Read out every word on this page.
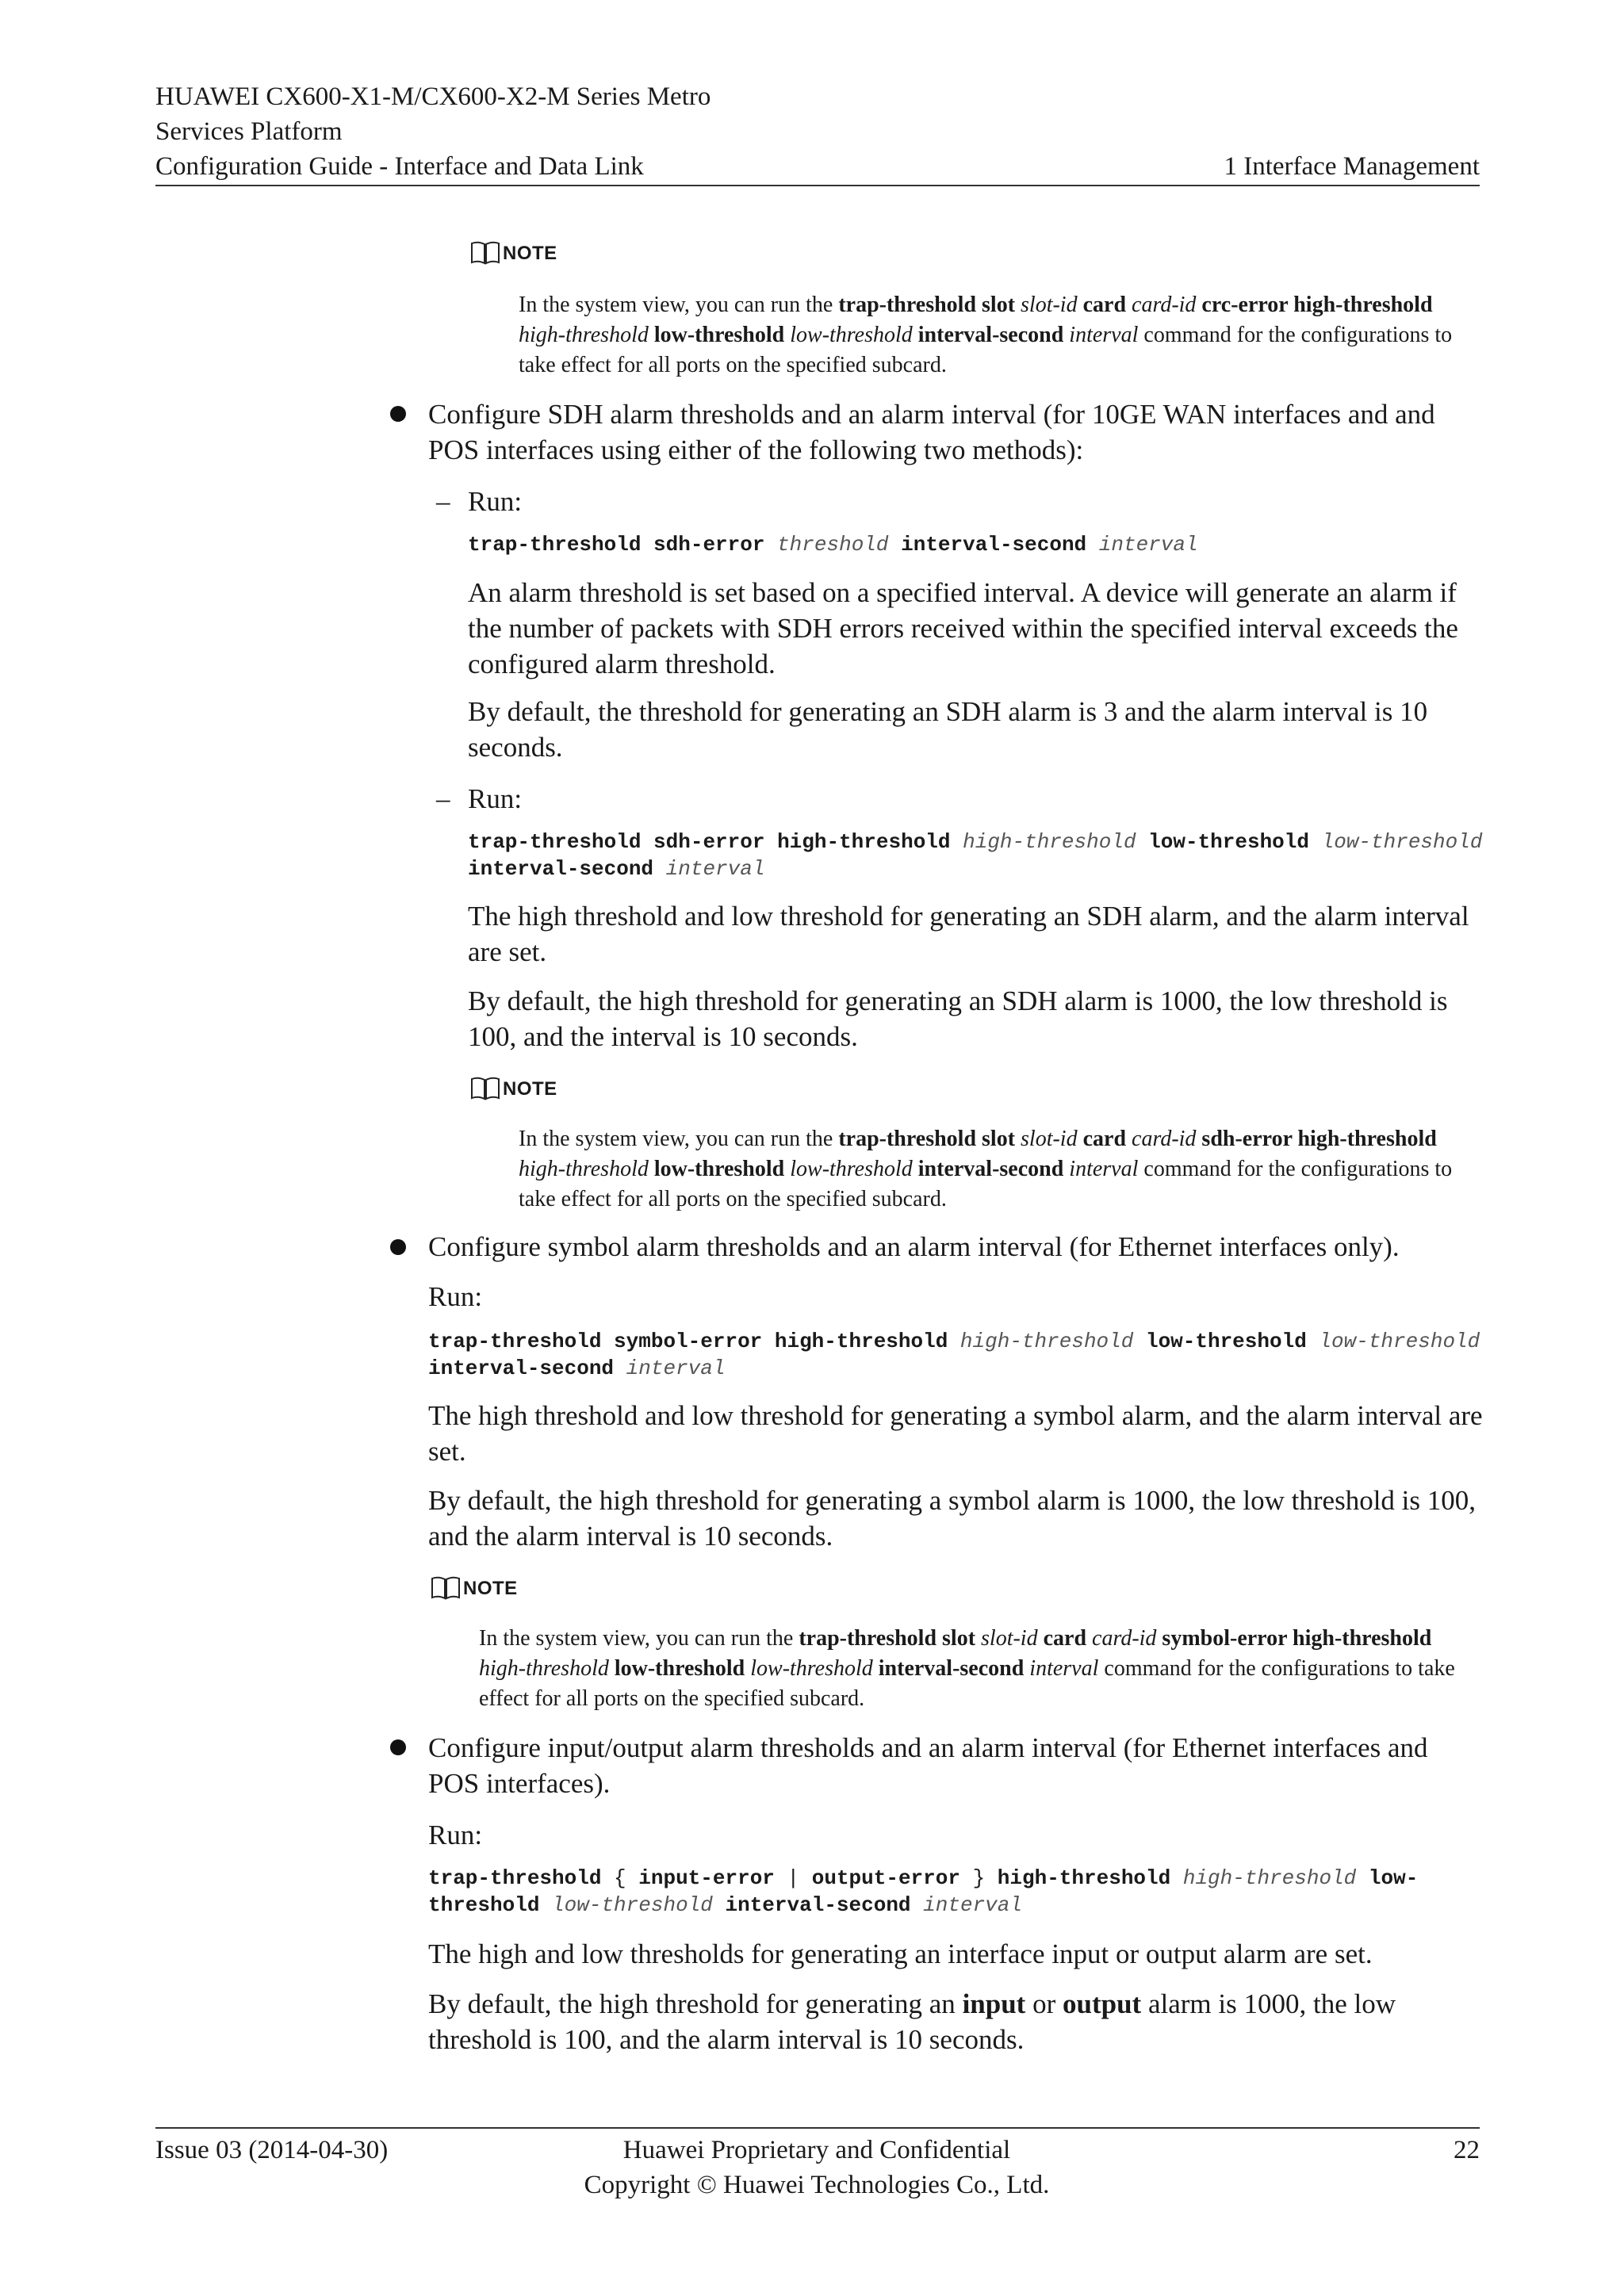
HUAWEI CX600-X1-M/CX600-X2-M Series Metro
Services Platform
Configuration Guide - Interface and Data Link	1 Interface Management
NOTE
In the system view, you can run the trap-threshold slot slot-id card card-id crc-error high-threshold high-threshold low-threshold low-threshold interval-second interval command for the configurations to take effect for all ports on the specified subcard.

Configure SDH alarm thresholds and an alarm interval (for 10GE WAN interfaces and and POS interfaces using either of the following two methods):

– Run:

trap-threshold sdh-error threshold interval-second interval

An alarm threshold is set based on a specified interval. A device will generate an alarm if the number of packets with SDH errors received within the specified interval exceeds the configured alarm threshold.

By default, the threshold for generating an SDH alarm is 3 and the alarm interval is 10 seconds.

– Run:

trap-threshold sdh-error high-threshold high-threshold low-threshold low-threshold interval-second interval

The high threshold and low threshold for generating an SDH alarm, and the alarm interval are set.

By default, the high threshold for generating an SDH alarm is 1000, the low threshold is 100, and the interval is 10 seconds.

NOTE
In the system view, you can run the trap-threshold slot slot-id card card-id sdh-error high-threshold high-threshold low-threshold low-threshold interval-second interval command for the configurations to take effect for all ports on the specified subcard.

Configure symbol alarm thresholds and an alarm interval (for Ethernet interfaces only).

Run:

trap-threshold symbol-error high-threshold high-threshold low-threshold low-threshold interval-second interval

The high threshold and low threshold for generating a symbol alarm, and the alarm interval are set.

By default, the high threshold for generating a symbol alarm is 1000, the low threshold is 100, and the alarm interval is 10 seconds.

NOTE
In the system view, you can run the trap-threshold slot slot-id card card-id symbol-error high-threshold high-threshold low-threshold low-threshold interval-second interval command for the configurations to take effect for all ports on the specified subcard.

Configure input/output alarm thresholds and an alarm interval (for Ethernet interfaces and POS interfaces).

Run:

trap-threshold { input-error | output-error } high-threshold high-threshold low-threshold low-threshold interval-second interval

The high and low thresholds for generating an interface input or output alarm are set.

By default, the high threshold for generating an input or output alarm is 1000, the low threshold is 100, and the alarm interval is 10 seconds.

Issue 03 (2014-04-30)	Huawei Proprietary and Confidential
Copyright © Huawei Technologies Co., Ltd.
22
